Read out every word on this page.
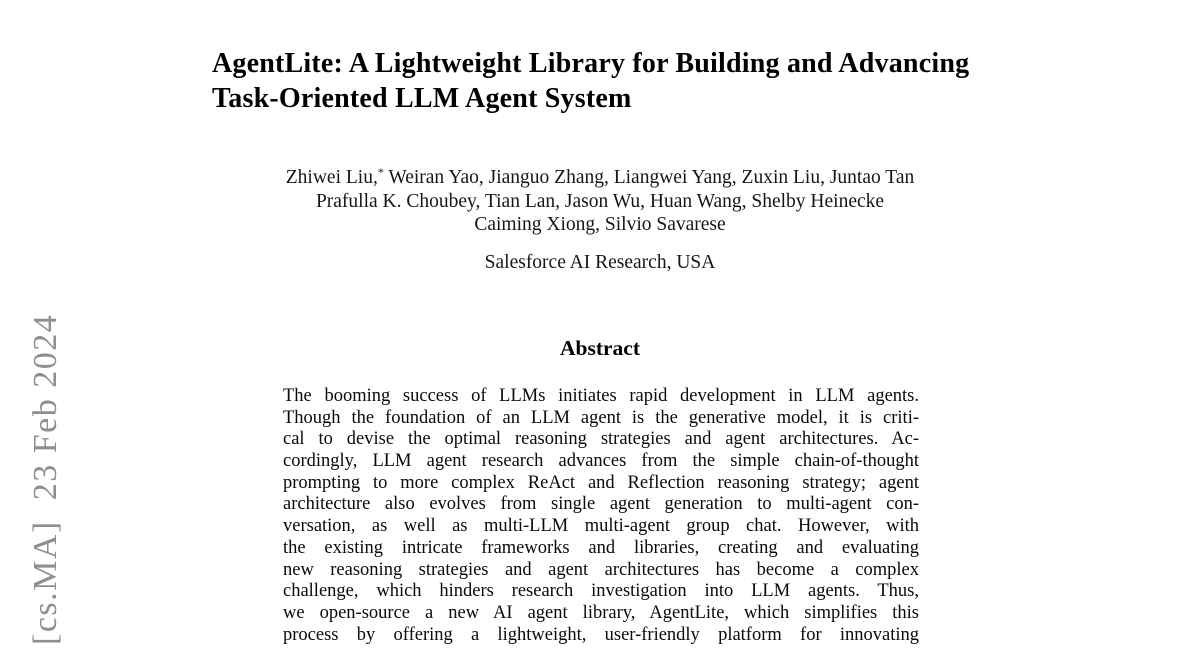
[cs.MA]  23 Feb 2024
AgentLite: A Lightweight Library for Building and Advancing
Task-Oriented LLM Agent System
Zhiwei Liu,* Weiran Yao, Jianguo Zhang, Liangwei Yang, Zuxin Liu, Juntao Tan
Prafulla K. Choubey, Tian Lan, Jason Wu, Huan Wang, Shelby Heinecke
Caiming Xiong, Silvio Savarese
Salesforce AI Research, USA
Abstract
The booming success of LLMs initiates rapid development in LLM agents.
Though the foundation of an LLM agent is the generative model, it is criti-
cal to devise the optimal reasoning strategies and agent architectures. Ac-
cordingly, LLM agent research advances from the simple chain-of-thought
prompting to more complex ReAct and Reflection reasoning strategy; agent
architecture also evolves from single agent generation to multi-agent con-
versation, as well as multi-LLM multi-agent group chat. However, with
the existing intricate frameworks and libraries, creating and evaluating
new reasoning strategies and agent architectures has become a complex
challenge, which hinders research investigation into LLM agents. Thus,
we open-source a new AI agent library, AgentLite, which simplifies this
process by offering a lightweight, user-friendly platform for innovating
